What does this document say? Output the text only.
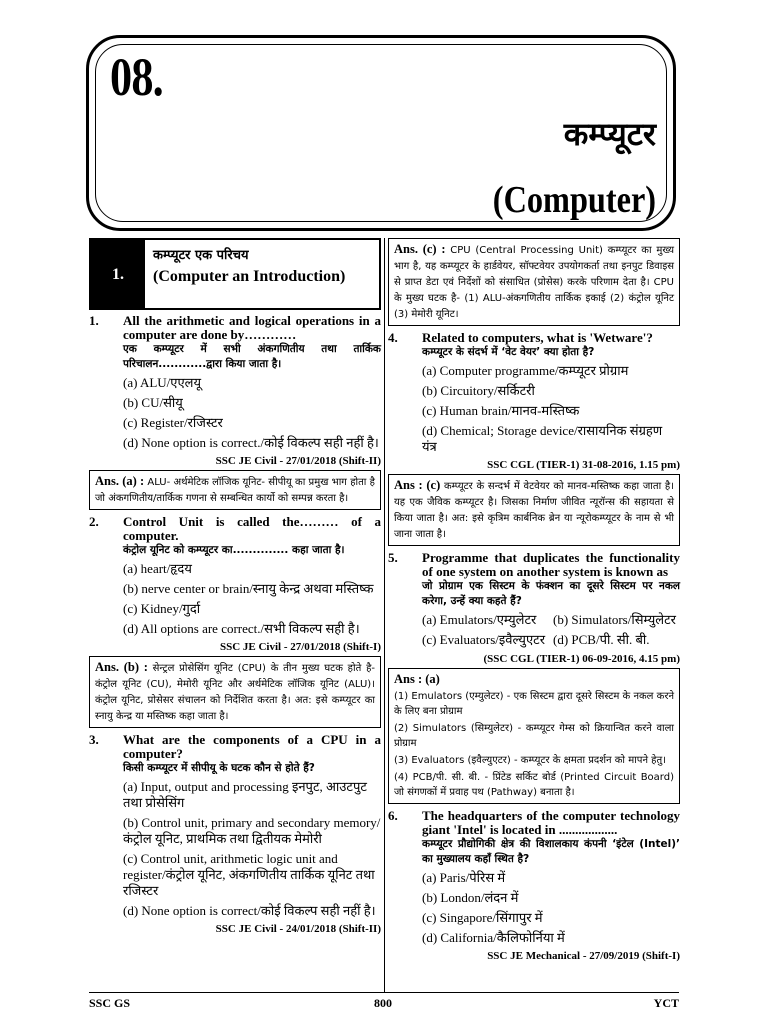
08.
कम्प्यूटर
(Computer)
1.
कम्प्यूटर एक परिचय
(Computer an Introduction)
1.	All the arithmetic and logical operations in a computer are done by…………
एक कम्प्यूटर में सभी अंकगणितीय तथा तार्किक परिचालन............द्वारा किया जाता है।
(a) ALU/एएलयू
(b) CU/सीयू
(c) Register/रजिस्टर
(d) None option is correct./कोई विकल्प सही नहीं है।
SSC JE Civil - 27/01/2018 (Shift-II)
Ans. (a) : ALU- अर्थमेटिक लॉजिक यूनिट- सीपीयू का प्रमुख भाग होता है जो अंकगणितीय/तार्किक गणना से सम्बन्धित कार्यो को सम्पन्न करता है।
2.	Control Unit is called the……… of a computer.
कंट्रोल यूनिट को कम्प्यूटर का.............. कहा जाता है।
(a) heart/हृदय
(b) nerve center or brain/स्नायु केन्द्र अथवा मस्तिष्क
(c) Kidney/गुर्दा
(d) All options are correct./सभी विकल्प सही है।
SSC JE Civil - 27/01/2018 (Shift-I)
Ans. (b) : सेन्ट्रल प्रोसेसिंग यूनिट (CPU) के तीन मुख्य घटक होते है- कंट्रोल यूनिट (CU), मेमोरी यूनिट और अर्थमेटिक लॉजिक यूनिट (ALU)। कंट्रोल यूनिट, प्रोसेसर संचालन को निर्देशित करता है। अत: इसे कम्प्यूटर का स्नायु केन्द्र या मस्तिष्क कहा जाता है।
3.	What are the components of a CPU in a computer?
किसी कम्प्यूटर में सीपीयू के घटक कौन से होते हैं?
(a) Input, output and processing इनपुट, आउटपुट तथा प्रोसेसिंग
(b) Control unit, primary and secondary memory/कंट्रोल यूनिट, प्राथमिक तथा द्वितीयक मेमोरी
(c) Control unit, arithmetic logic unit and register/कंट्रोल यूनिट, अंकगणितीय तार्किक यूनिट तथा रजिस्टर
(d) None option is correct/कोई विकल्प सही नहीं है।
SSC JE Civil - 24/01/2018 (Shift-II)
Ans. (c) : CPU (Central Processing Unit) कम्प्यूटर का मुख्य भाग है, यह कम्प्यूटर के हार्डवेयर, सॉफ्टवेयर उपयोगकर्ता तथा इनपुट डिवाइस से प्राप्त डेटा एवं निर्देशों को संसाधित (प्रोसेस) करके परिणाम देता है। CPU के मुख्य घटक है- (1) ALU-अंकगणितीय तार्किक इकाई (2) कंट्रोल यूनिट (3) मेमोरी यूनिट।
4.	Related to computers, what is 'Wetware'?
कम्प्यूटर के संदर्भ में ‘वेट वेयर’ क्या होता है?
(a) Computer programme/कम्प्यूटर प्रोग्राम
(b) Circuitory/सर्किटरी
(c) Human brain/मानव-मस्तिष्क
(d) Chemical; Storage device/रासायनिक संग्रहण यंत्र
SSC CGL (TIER-1) 31-08-2016, 1.15 pm)
Ans : (c) कम्प्यूटर के सन्दर्भ में वेटवेयर को मानव-मस्तिष्क कहा जाता है। यह एक जैविक कम्प्यूटर है। जिसका निर्माण जीवित न्यूरॉन्स की सहायता से किया जाता है। अत: इसे कृत्रिम कार्बनिक ब्रेन या न्यूरोकम्प्यूटर के नाम से भी जाना जाता है।
5.	Programme that duplicates the functionality of one system on another system is known as
जो प्रोग्राम एक सिस्टम के फंक्शन का दूसरे सिस्टम पर नकल करेगा, उन्हें क्या कहते हैं?
(a) Emulators/एम्युलेटर	(b) Simulators/सिम्युलेटर
(c) Evaluators/इवैल्युएटर (d) PCB/पी. सी. बी.
(SSC CGL (TIER-1) 06-09-2016, 4.15 pm)
Ans : (a)
(1) Emulators (एम्युलेटर) - एक सिस्टम द्वारा दूसरे सिस्टम के नकल करने के लिए बना प्रोग्राम
(2) Simulators (सिम्युलेटर) - कम्प्यूटर गेम्स को क्रियान्वित करने वाला प्रोग्राम
(3) Evaluators (इवैल्युएटर) - कम्प्यूटर के क्षमता प्रदर्शन को मापने हेतु।
(4) PCB/पी. सी. बी. - प्रिंटेड सर्किट बोर्ड (Printed Circuit Board) जो संगणकों में प्रवाह पथ (Pathway) बनाता है।
6.	The headquarters of the computer technology giant 'Intel' is located in ..................
कम्प्यूटर प्रौद्योगिकी क्षेत्र की विशालकाय कंपनी ‘इंटेल (Intel)’ का मुख्यालय कहाँ स्थित है?
(a) Paris/पेरिस में
(b) London/लंदन में
(c) Singapore/सिंगापुर में
(d) California/कैलिफोर्निया में
SSC JE Mechanical - 27/09/2019 (Shift-I)
SSC GS	800	YCT
